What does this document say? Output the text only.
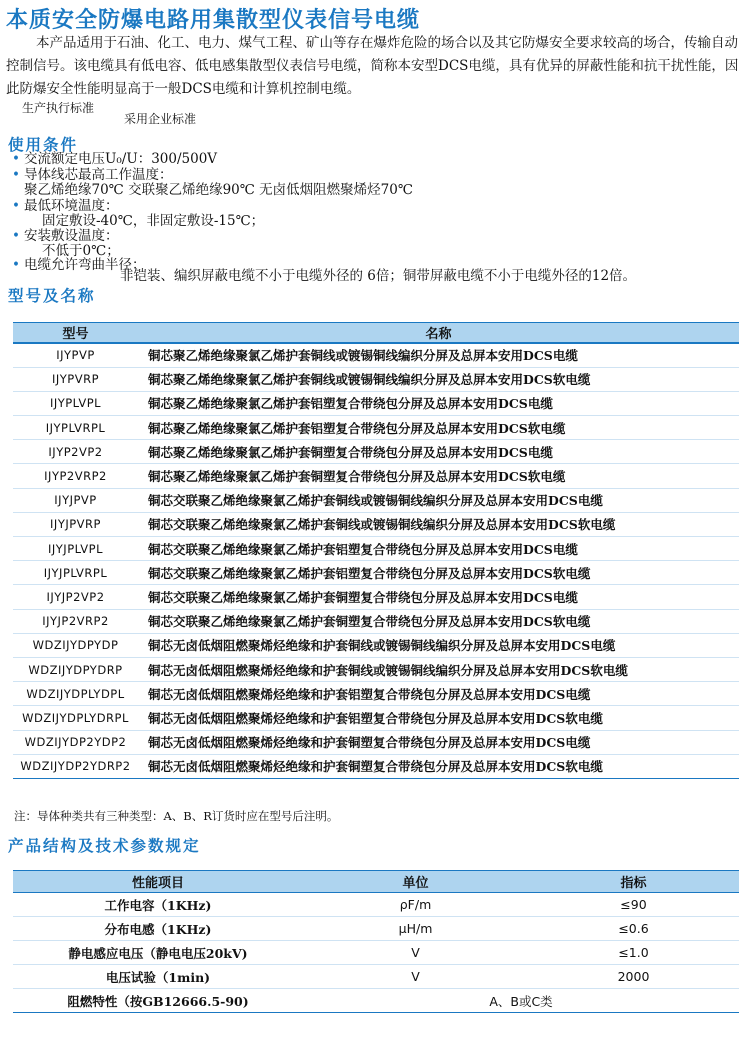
本质安全防爆电路用集散型仪表信号电缆

本产品适用于石油、化工、电力、煤气工程、矿山等存在爆炸危险的场合以及其它防爆安全要求较高的场合，传输自动控制信号。该电缆具有低电容、低电感集散型仪表信号电缆，简称本安型DCS电缆，具有优异的屏蔽性能和抗干扰性能，因此防爆安全性能明显高于一般DCS电缆和计算机控制电缆。

生产执行标准
采用企业标准
使用条件
• 交流额定电压U₀/U：300/500V
• 导体线芯最高工作温度：
聚乙烯绝缘70℃ 交联聚乙烯绝缘90℃ 无卤低烟阻燃聚烯烃70℃
• 最低环境温度：
固定敷设-40℃，非固定敷设-15℃；
• 安装敷设温度：
不低于0℃；
• 电缆允许弯曲半径：
非铠装、编织屏蔽电缆不小于电缆外径的 6倍；铜带屏蔽电缆不小于电缆外径的12倍。
型号及名称
型号	名称
IJYPVP	铜芯聚乙烯绝缘聚氯乙烯护套铜线或镀锡铜线编织分屏及总屏本安用DCS电缆
IJYPVRP	铜芯聚乙烯绝缘聚氯乙烯护套铜线或镀锡铜线编织分屏及总屏本安用DCS软电缆
IJYPLVPL	铜芯聚乙烯绝缘聚氯乙烯护套铝塑复合带绕包分屏及总屏本安用DCS电缆
IJYPLVRPL	铜芯聚乙烯绝缘聚氯乙烯护套铝塑复合带绕包分屏及总屏本安用DCS软电缆
IJYP2VP2	铜芯聚乙烯绝缘聚氯乙烯护套铜塑复合带绕包分屏及总屏本安用DCS电缆
IJYP2VRP2	铜芯聚乙烯绝缘聚氯乙烯护套铜塑复合带绕包分屏及总屏本安用DCS软电缆
IJYJPVP	铜芯交联聚乙烯绝缘聚氯乙烯护套铜线或镀锡铜线编织分屏及总屏本安用DCS电缆
IJYJPVRP	铜芯交联聚乙烯绝缘聚氯乙烯护套铜线或镀锡铜线编织分屏及总屏本安用DCS软电缆
IJYJPLVPL	铜芯交联聚乙烯绝缘聚氯乙烯护套铝塑复合带绕包分屏及总屏本安用DCS电缆
IJYJPLVRPL	铜芯交联聚乙烯绝缘聚氯乙烯护套铝塑复合带绕包分屏及总屏本安用DCS软电缆
IJYJP2VP2	铜芯交联聚乙烯绝缘聚氯乙烯护套铜塑复合带绕包分屏及总屏本安用DCS电缆
IJYJP2VRP2	铜芯交联聚乙烯绝缘聚氯乙烯护套铜塑复合带绕包分屏及总屏本安用DCS软电缆
WDZIJYDPYDP	铜芯无卤低烟阻燃聚烯烃绝缘和护套铜线或镀锡铜线编织分屏及总屏本安用DCS电缆
WDZIJYDPYDRP	铜芯无卤低烟阻燃聚烯烃绝缘和护套铜线或镀锡铜线编织分屏及总屏本安用DCS软电缆
WDZIJYDPLYDPL	铜芯无卤低烟阻燃聚烯烃绝缘和护套铝塑复合带绕包分屏及总屏本安用DCS电缆
WDZIJYDPLYDRPL	铜芯无卤低烟阻燃聚烯烃绝缘和护套铝塑复合带绕包分屏及总屏本安用DCS软电缆
WDZIJYDP2YDP2	铜芯无卤低烟阻燃聚烯烃绝缘和护套铜塑复合带绕包分屏及总屏本安用DCS电缆
WDZIJYDP2YDRP2	铜芯无卤低烟阻燃聚烯烃绝缘和护套铜塑复合带绕包分屏及总屏本安用DCS软电缆
注：导体种类共有三种类型：A、B、R订货时应在型号后注明。
产品结构及技术参数规定
性能项目	单位	指标
工作电容（1KHz)	ρF/m	≤90
分布电感（1KHz)	μH/m	≤0.6
静电感应电压（静电电压20kV)	V	≤1.0
电压试验（1min)	V	2000
阻燃特性（按GB12666.5-90)	A、B或C类	
